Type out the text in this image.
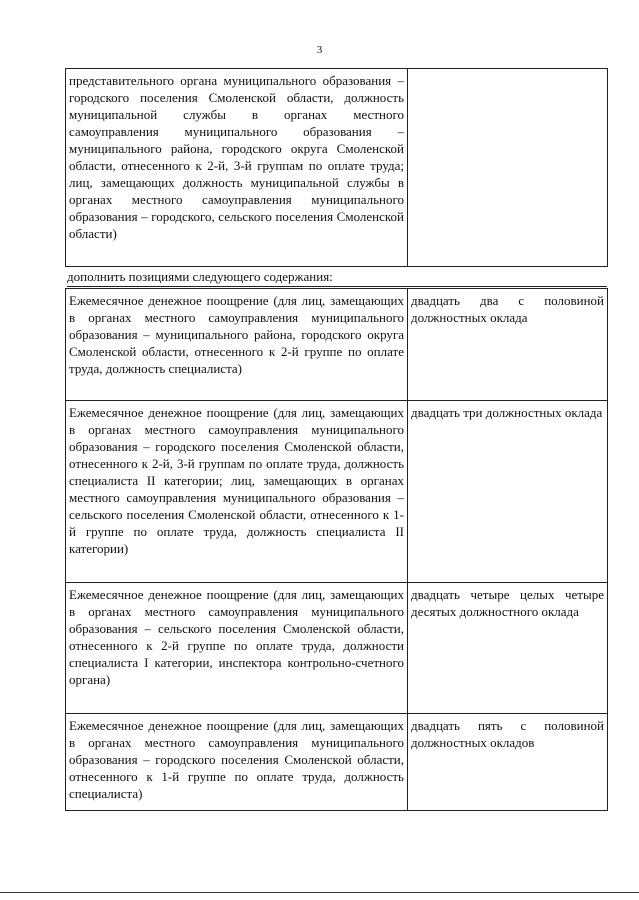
3
представительного органа муниципального образования – городского поселения Смоленской области, должность муниципальной службы в органах местного самоуправления муниципального образования – муниципального района, городского округа Смоленской области, отнесенного к 2-й, 3-й группам по оплате труда; лиц, замещающих должность муниципальной службы в органах местного самоуправления муниципального образования – городского, сельского поселения Смоленской области)	
дополнить позициями следующего содержания:
Ежемесячное денежное поощрение (для лиц, замещающих в органах местного самоуправления муниципального образования – муниципального района, городского округа Смоленской области, отнесенного к 2-й группе по оплате труда, должность специалиста)	двадцать два с половиной должностных оклада
Ежемесячное денежное поощрение (для лиц, замещающих в органах местного самоуправления муниципального образования – городского поселения Смоленской области, отнесенного к 2-й, 3-й группам по оплате труда, должность специалиста II категории; лиц, замещающих в органах местного самоуправления муниципального образования – сельского поселения Смоленской области, отнесенного к 1-й группе по оплате труда, должность специалиста II категории)	двадцать три должностных оклада
Ежемесячное денежное поощрение (для лиц, замещающих в органах местного самоуправления муниципального образования – сельского поселения Смоленской области, отнесенного к 2-й группе по оплате труда, должности специалиста I категории, инспектора контрольно-счетного органа)	двадцать четыре целых четыре десятых должностного оклада
Ежемесячное денежное поощрение (для лиц, замещающих в органах местного самоуправления муниципального образования – городского поселения Смоленской области, отнесенного к 1-й группе по оплате труда, должность специалиста)	двадцать пять с половиной должностных окладов
